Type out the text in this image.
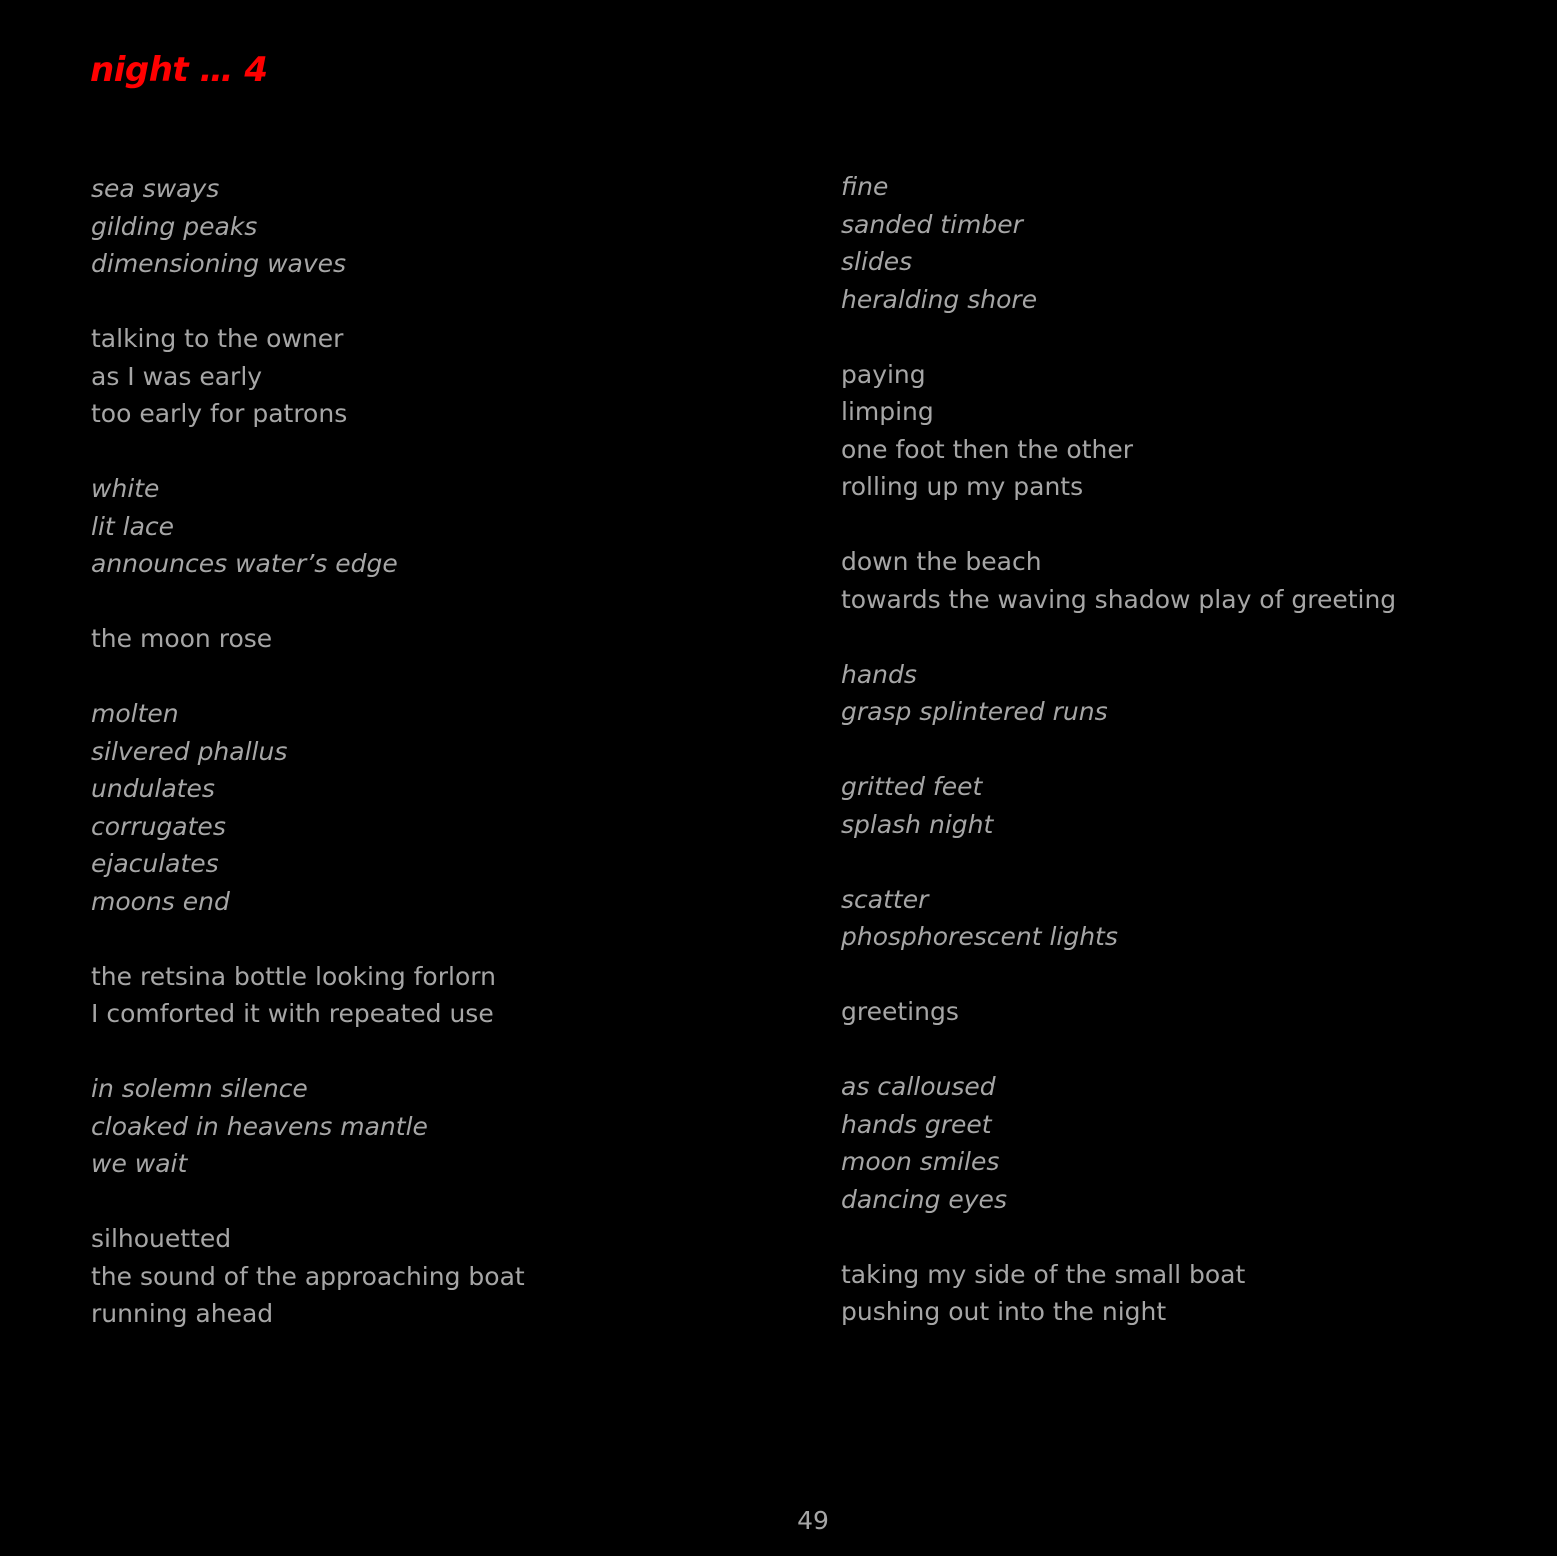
night … 4

sea sways

gilding peaks

dimensioning waves

talking to the owner

as I was early

too early for patrons

white

lit lace

announces water’s edge

the moon rose

molten

silvered phallus

undulates

corrugates

ejaculates

moons end

the retsina bottle looking forlorn

I comforted it with repeated use

in solemn silence

cloaked in heavens mantle

we wait

silhouetted

the sound of the approaching boat

running ahead

fine

sanded timber

slides

heralding shore

paying

limping

one foot then the other

rolling up my pants

down the beach

towards the waving shadow play of greeting

hands

grasp splintered runs

gritted feet

splash night

scatter

phosphorescent lights

greetings

as calloused

hands greet

moon smiles

dancing eyes

taking my side of the small boat

pushing out into the night

49
